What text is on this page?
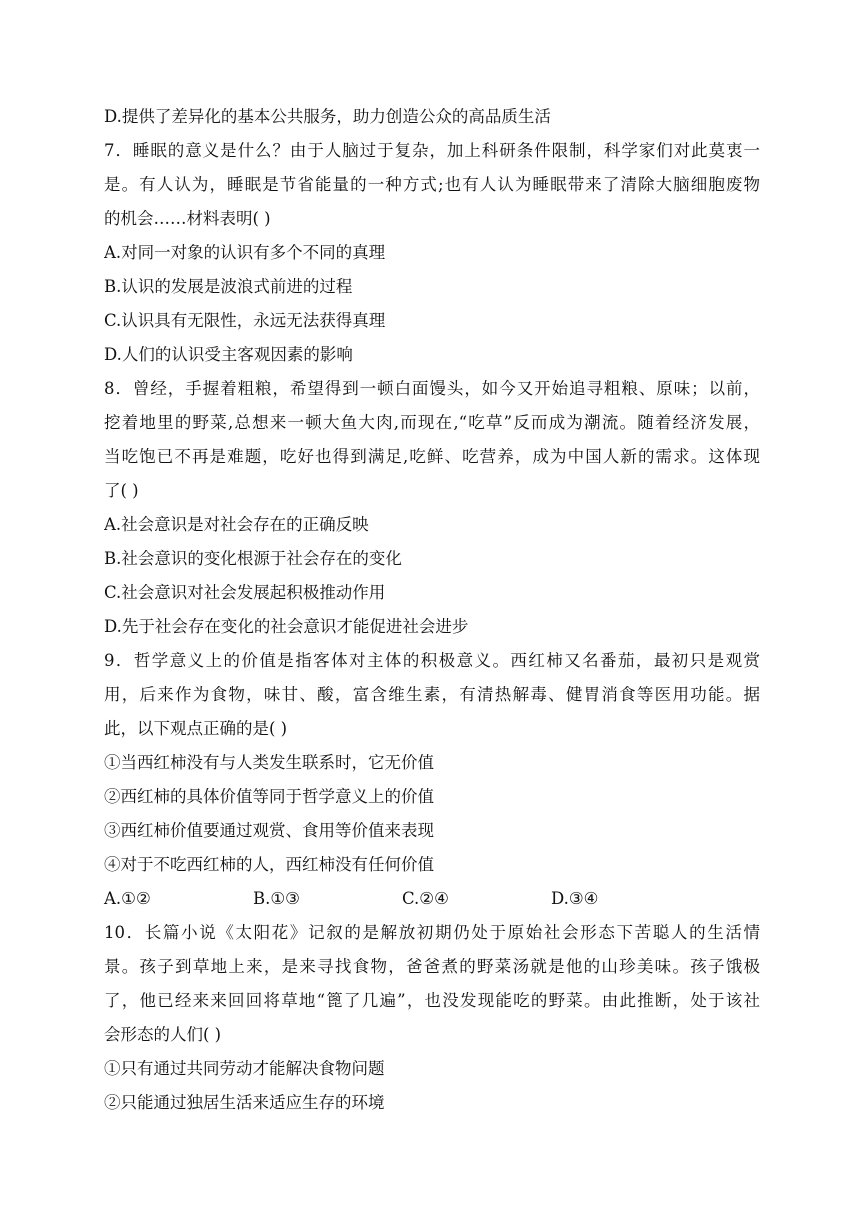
D.提供了差异化的基本公共服务，助力创造公众的高品质生活
7．睡眠的意义是什么？由于人脑过于复杂，加上科研条件限制，科学家们对此莫衷一
是。有人认为，睡眠是节省能量的一种方式;也有人认为睡眠带来了清除大脑细胞废物
的机会……材料表明( )
A.对同一对象的认识有多个不同的真理
B.认识的发展是波浪式前进的过程
C.认识具有无限性，永远无法获得真理
D.人们的认识受主客观因素的影响
8．曾经，手握着粗粮，希望得到一顿白面馒头，如今又开始追寻粗粮、原味；以前，
挖着地里的野菜,总想来一顿大鱼大肉,而现在,“吃草”反而成为潮流。随着经济发展，
当吃饱已不再是难题，吃好也得到满足,吃鲜、吃营养，成为中国人新的需求。这体现
了( )
A.社会意识是对社会存在的正确反映
B.社会意识的变化根源于社会存在的变化
C.社会意识对社会发展起积极推动作用
D.先于社会存在变化的社会意识才能促进社会进步
9．哲学意义上的价值是指客体对主体的积极意义。西红柿又名番茄，最初只是观赏
用，后来作为食物，味甘、酸，富含维生素，有清热解毒、健胃消食等医用功能。据
此，以下观点正确的是( )
①当西红柿没有与人类发生联系时，它无价值
②西红柿的具体价值等同于哲学意义上的价值
③西红柿价值要通过观赏、食用等价值来表现
④对于不吃西红柿的人，西红柿没有任何价值
A.①②	B.①③	C.②④	D.③④
10．长篇小说《太阳花》记叙的是解放初期仍处于原始社会形态下苦聪人的生活情
景。孩子到草地上来，是来寻找食物，爸爸煮的野菜汤就是他的山珍美味。孩子饿极
了，他已经来来回回将草地“篦了几遍”，也没发现能吃的野菜。由此推断，处于该社
会形态的人们( )
①只有通过共同劳动才能解决食物问题
②只能通过独居生活来适应生存的环境
